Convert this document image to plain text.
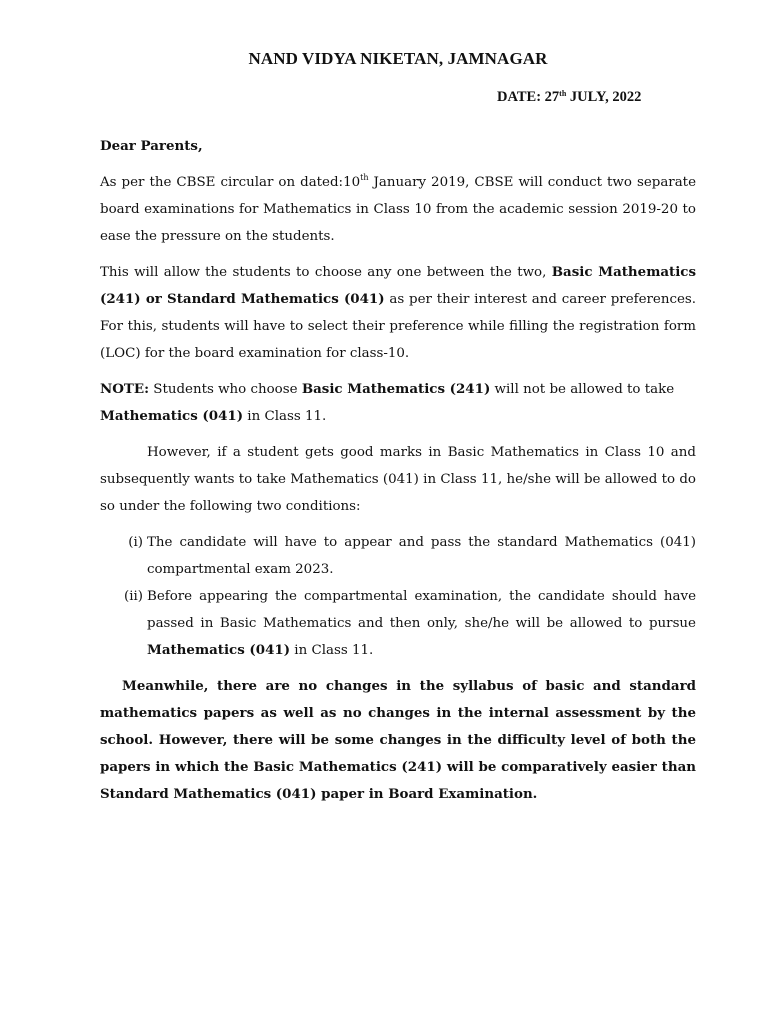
NAND VIDYA NIKETAN, JAMNAGAR
DATE: 27th JULY, 2022

Dear Parents,

As per the CBSE circular on dated:10th January 2019, CBSE will conduct two separate board examinations for Mathematics in Class 10 from the academic session 2019-20 to ease the pressure on the students.

This will allow the students to choose any one between the two, Basic Mathematics (241) or Standard Mathematics (041) as per their interest and career preferences. For this, students will have to select their preference while filling the registration form (LOC) for the board examination for class-10.

NOTE: Students who choose Basic Mathematics (241) will not be allowed to take
Mathematics (041) in Class 11.

However, if a student gets good marks in Basic Mathematics in Class 10 and subsequently wants to take Mathematics (041) in Class 11, he/she will be allowed to do so under the following two conditions:

(i) The candidate will have to appear and pass the standard Mathematics (041) compartmental exam 2023.
(ii) Before appearing the compartmental examination, the candidate should have passed in Basic Mathematics and then only, she/he will be allowed to pursue Mathematics (041) in Class 11.

Meanwhile, there are no changes in the syllabus of basic and standard mathematics papers as well as no changes in the internal assessment by the school. However, there will be some changes in the difficulty level of both the papers in which the Basic Mathematics (241) will be comparatively easier than Standard Mathematics (041) paper in Board Examination.
